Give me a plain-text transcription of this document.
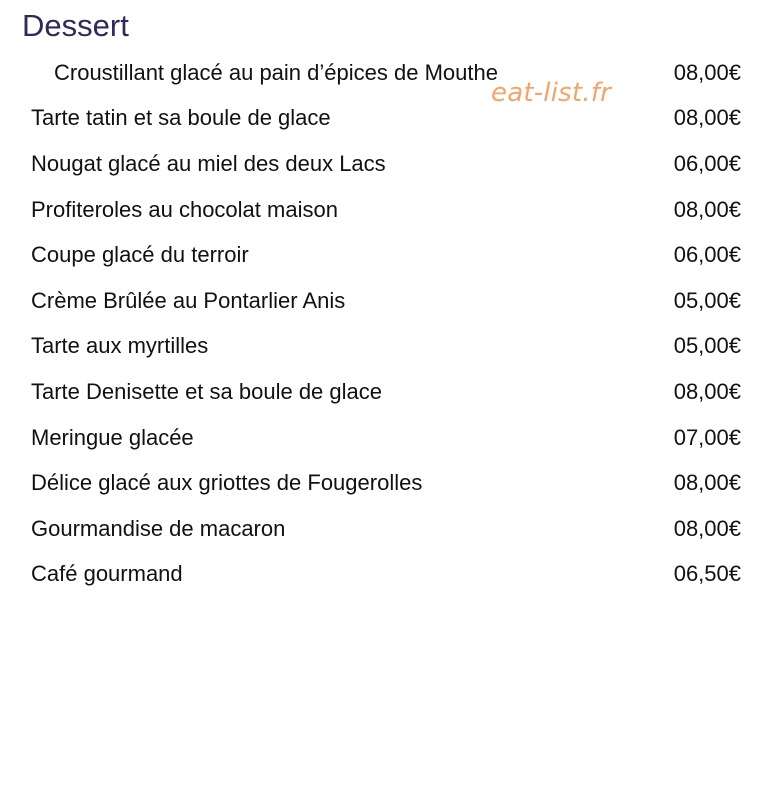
Dessert
eat-list.fr
Croustillant glacé au pain d’épices de Mouthe	08,00€
Tarte tatin et sa boule de glace	08,00€
Nougat glacé au miel des deux Lacs	06,00€
Profiteroles au chocolat maison	08,00€
Coupe glacé du terroir	06,00€
Crème Brûlée au Pontarlier Anis	05,00€
Tarte aux myrtilles	05,00€
Tarte Denisette et sa boule de glace	08,00€
Meringue glacée	07,00€
Délice glacé aux griottes de Fougerolles	08,00€
Gourmandise de macaron	08,00€
Café gourmand	06,50€
